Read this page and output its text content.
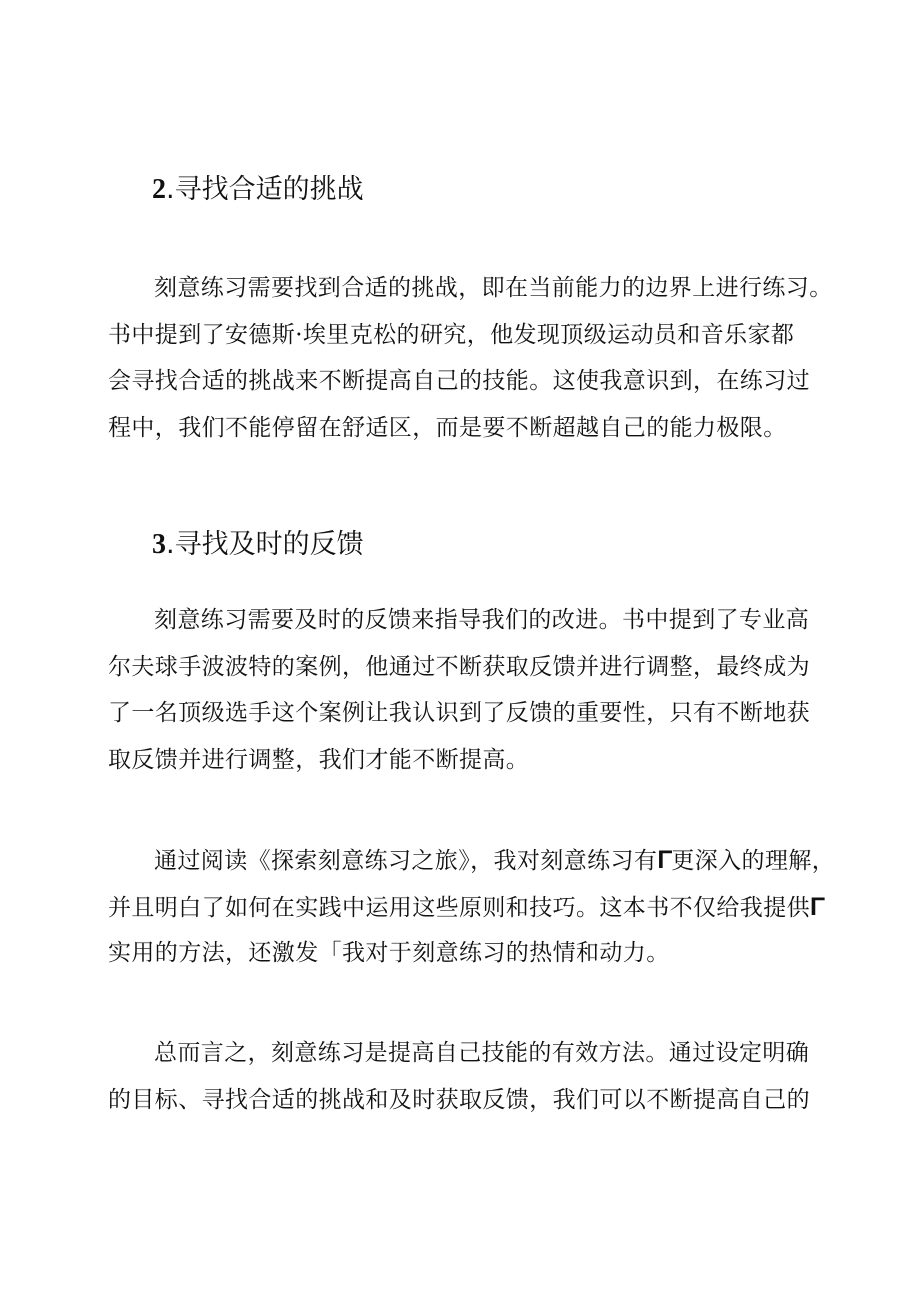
2.寻找合适的挑战
刻意练习需要找到合适的挑战，即在当前能力的边界上进行练习。
书中提到了安德斯·埃里克松的研究，他发现顶级运动员和音乐家都
会寻找合适的挑战来不断提高自己的技能。这使我意识到，在练习过
程中，我们不能停留在舒适区，而是要不断超越自己的能力极限。
3.寻找及时的反馈
刻意练习需要及时的反馈来指导我们的改进。书中提到了专业高
尔夫球手波波特的案例，他通过不断获取反馈并进行调整，最终成为
了一名顶级选手这个案例让我认识到了反馈的重要性，只有不断地获
取反馈并进行调整，我们才能不断提高。
通过阅读《探索刻意练习之旅》，我对刻意练习有Γ更深入的理解，
并且明白了如何在实践中运用这些原则和技巧。这本书不仅给我提供Γ
实用的方法，还激发「我对于刻意练习的热情和动力。
总而言之，刻意练习是提高自己技能的有效方法。通过设定明确
的目标、寻找合适的挑战和及时获取反馈，我们可以不断提高自己的
